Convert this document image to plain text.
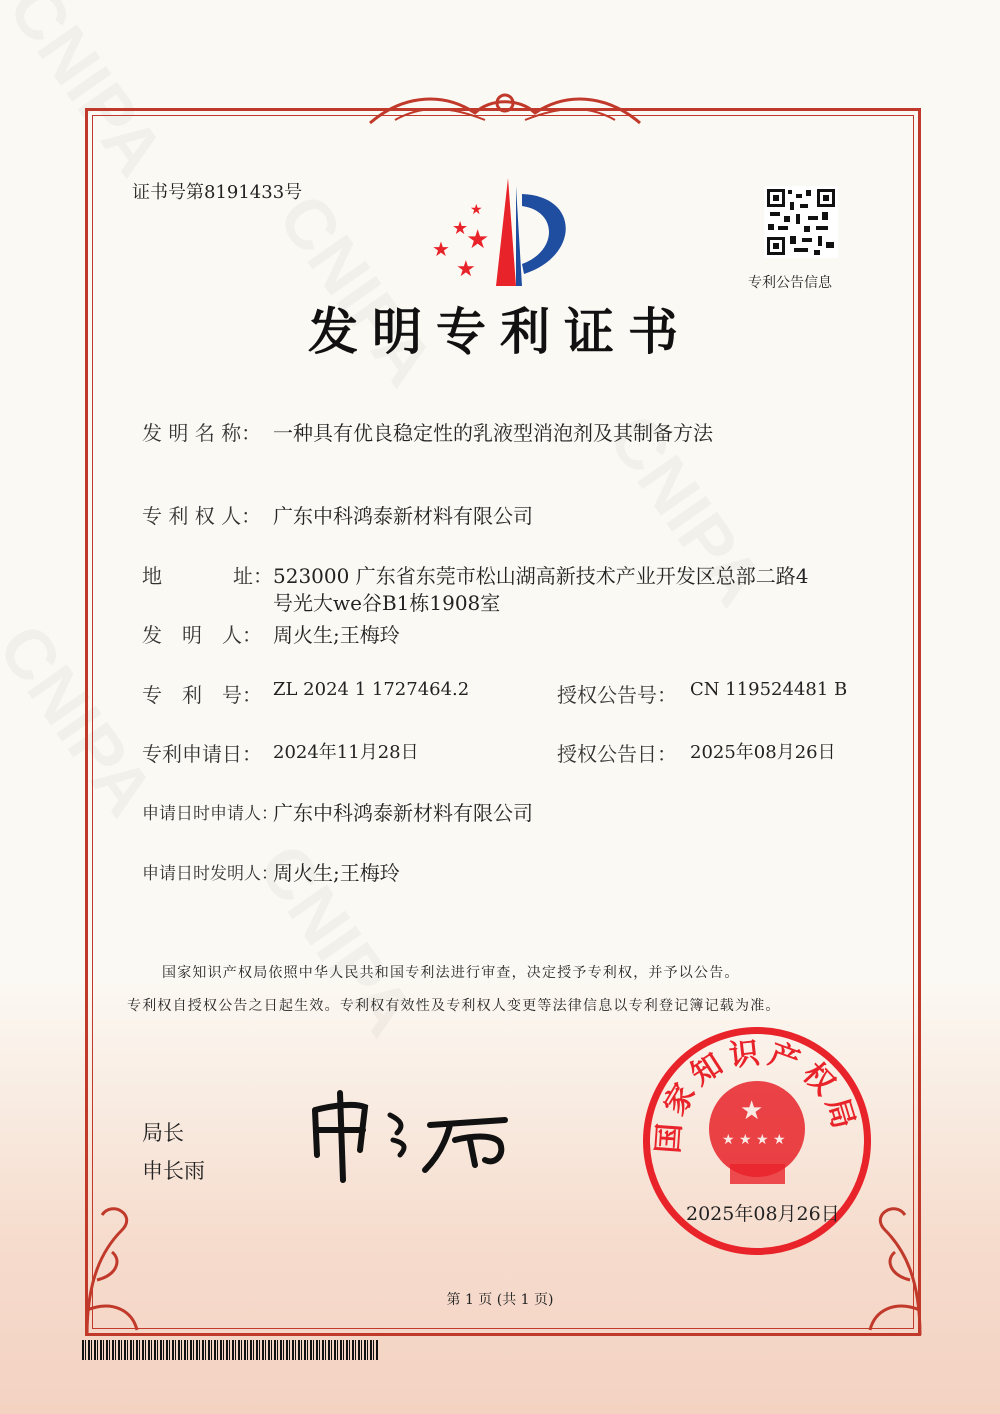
证书号第8191433号
★
★
★
★
★
专利公告信息
发明专利证书
发 明 名 称： 一种具有优良稳定性的乳液型消泡剂及其制备方法
专 利 权 人： 广东中科鸿泰新材料有限公司
地	址： 523000 广东省东莞市松山湖高新技术产业开发区总部二路4
号光大we谷B1栋1908室
发　明　人： 周火生;王梅玲
专　利　号： ZL 2024 1 1727464.2	授权公告号： CN 119524481 B
专利申请日： 2024年11月28日	授权公告日： 2025年08月26日
申请日时申请人：
广东中科鸿泰新材料有限公司
申请日时发明人：
周火生;王梅玲
国家知识产权局依照中华人民共和国专利法进行审查，决定授予专利权，并予以公告。
专利权自授权公告之日起生效。专利权有效性及专利权人变更等法律信息以专利登记簿记载为准。
局长
申长雨
国家知识产权局
★
★ ★ ★ ★
2025年08月26日
第 1 页 (共 1 页)
